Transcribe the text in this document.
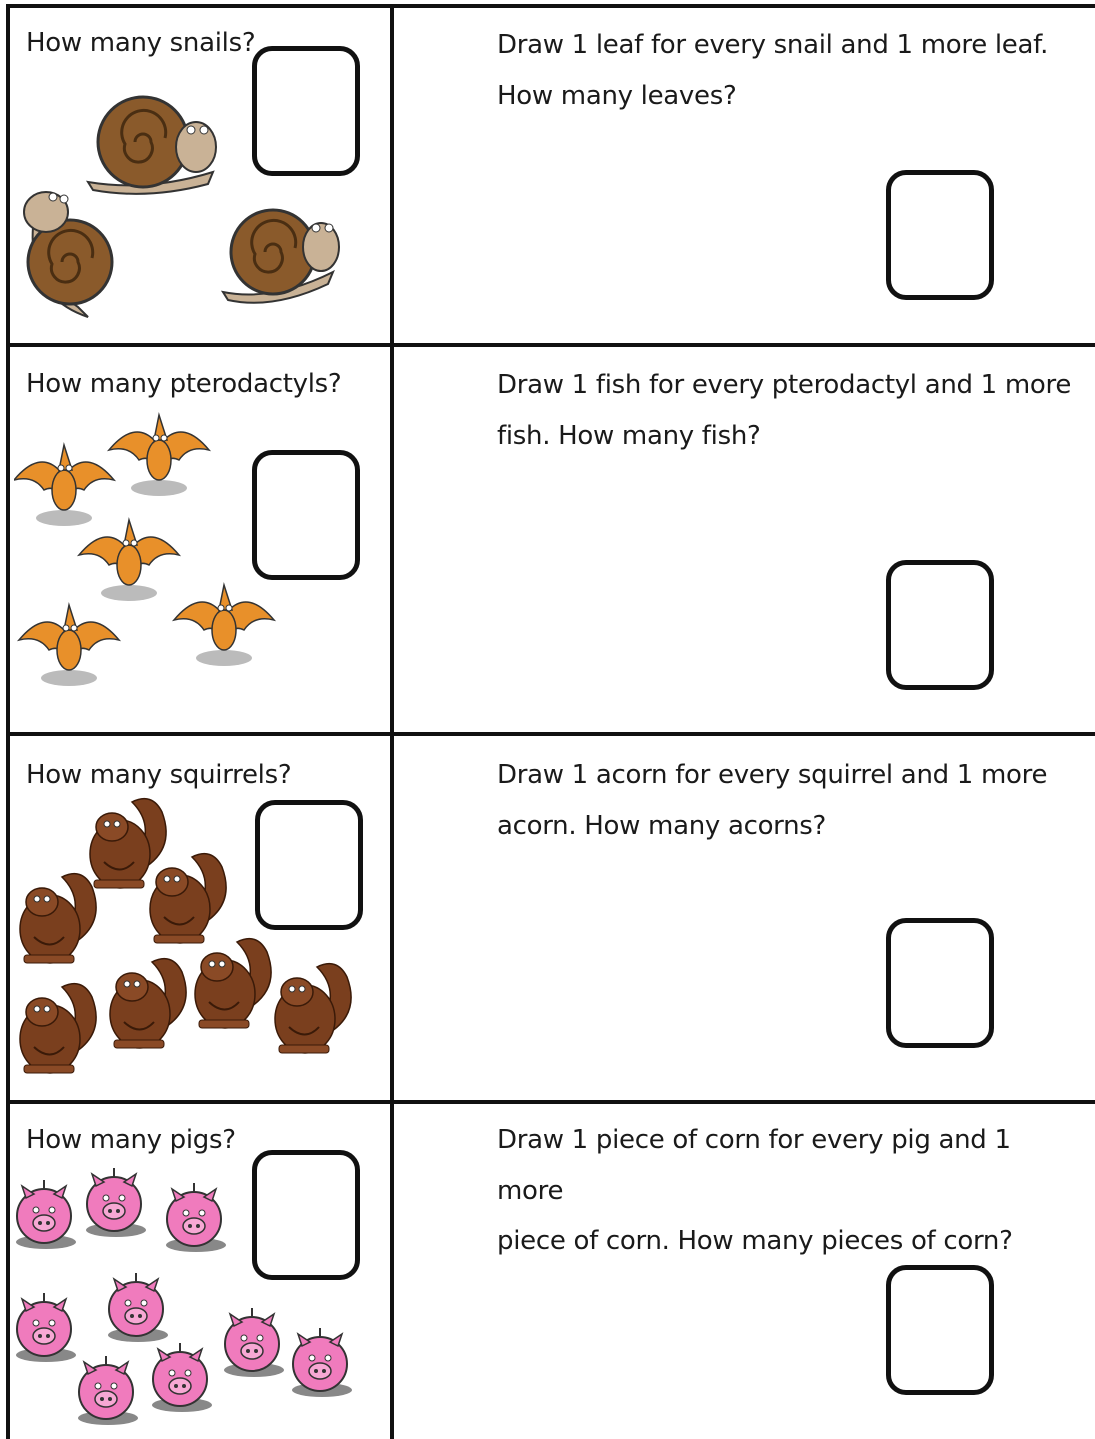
How many snails?	Draw 1 leaf for every snail and 1 more leaf.
How many leaves?
How many pterodactyls?	Draw 1 fish for every pterodactyl and 1 more
fish. How many fish?
How many squirrels?	Draw 1 acorn for every squirrel and 1 more
acorn. How many acorns?
How many pigs?	Draw 1 piece of corn for every pig and 1 more
piece of corn. How many pieces of corn?
